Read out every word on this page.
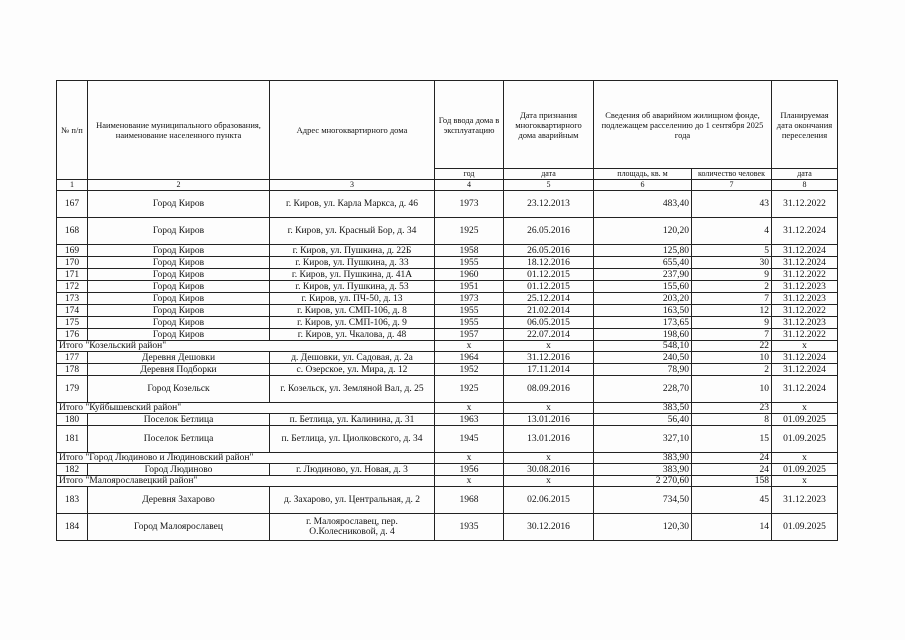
№ п/п	Наименование муниципального образования, наименование населенного пункта	Адрес многоквартирного дома	Год ввода дома в эксплуатацию	Дата признания многоквартирного дома аварийным	Сведения об аварийном жилищном фонде, подлежащем расселению до 1 сентября 2025 года		Планируемая дата окончания переселения
			год	дата	площадь, кв. м	количество человек	дата
1	2	3	4	5	6	7	8
167	Город Киров	г. Киров, ул. Карла Маркса, д. 46	1973	23.12.2013	483,40	43	31.12.2022
168	Город Киров	г. Киров, ул. Красный Бор, д. 34	1925	26.05.2016	120,20	4	31.12.2024
169	Город Киров	г. Киров, ул. Пушкина, д. 22Б	1958	26.05.2016	125,80	5	31.12.2024
170	Город Киров	г. Киров, ул. Пушкина, д. 33	1955	18.12.2016	655,40	30	31.12.2024
171	Город Киров	г. Киров, ул. Пушкина, д. 41А	1960	01.12.2015	237,90	9	31.12.2022
172	Город Киров	г. Киров, ул. Пушкина, д. 53	1951	01.12.2015	155,60	2	31.12.2023
173	Город Киров	г. Киров, ул. ПЧ-50, д. 13	1973	25.12.2014	203,20	7	31.12.2023
174	Город Киров	г. Киров, ул. СМП-106, д. 8	1955	21.02.2014	163,50	12	31.12.2022
175	Город Киров	г. Киров, ул. СМП-106, д. 9	1955	06.05.2015	173,65	9	31.12.2023
176	Город Киров	г. Киров, ул. Чкалова, д. 48	1957	22.07.2014	198,60	7	31.12.2022
Итого "Козельский район"			х	х	548,10	22	х
177	Деревня Дешовки	д. Дешовки, ул. Садовая, д. 2а	1964	31.12.2016	240,50	10	31.12.2024
178	Деревня Подборки	с. Озерское, ул. Мира, д. 12	1952	17.11.2014	78,90	2	31.12.2024
179	Город Козельск	г. Козельск, ул. Земляной Вал, д. 25	1925	08.09.2016	228,70	10	31.12.2024
Итого "Куйбышевский район"			х	х	383,50	23	х
180	Поселок Бетлица	п. Бетлица, ул. Калинина, д. 31	1963	13.01.2016	56,40	8	01.09.2025
181	Поселок Бетлица	п. Бетлица, ул. Циолковского, д. 34	1945	13.01.2016	327,10	15	01.09.2025
Итого "Город Людиново и Людиновский район"			х	х	383,90	24	х
182	Город Людиново	г. Людиново, ул. Новая, д. 3	1956	30.08.2016	383,90	24	01.09.2025
Итого "Малоярославецкий район"			х	х	2 270,60	158	х
183	Деревня Захарово	д. Захарово, ул. Центральная, д. 2	1968	02.06.2015	734,50	45	31.12.2023
184	Город Малоярославец	г. Малоярославец, пер. О.Колесниковой, д. 4	1935	30.12.2016	120,30	14	01.09.2025
